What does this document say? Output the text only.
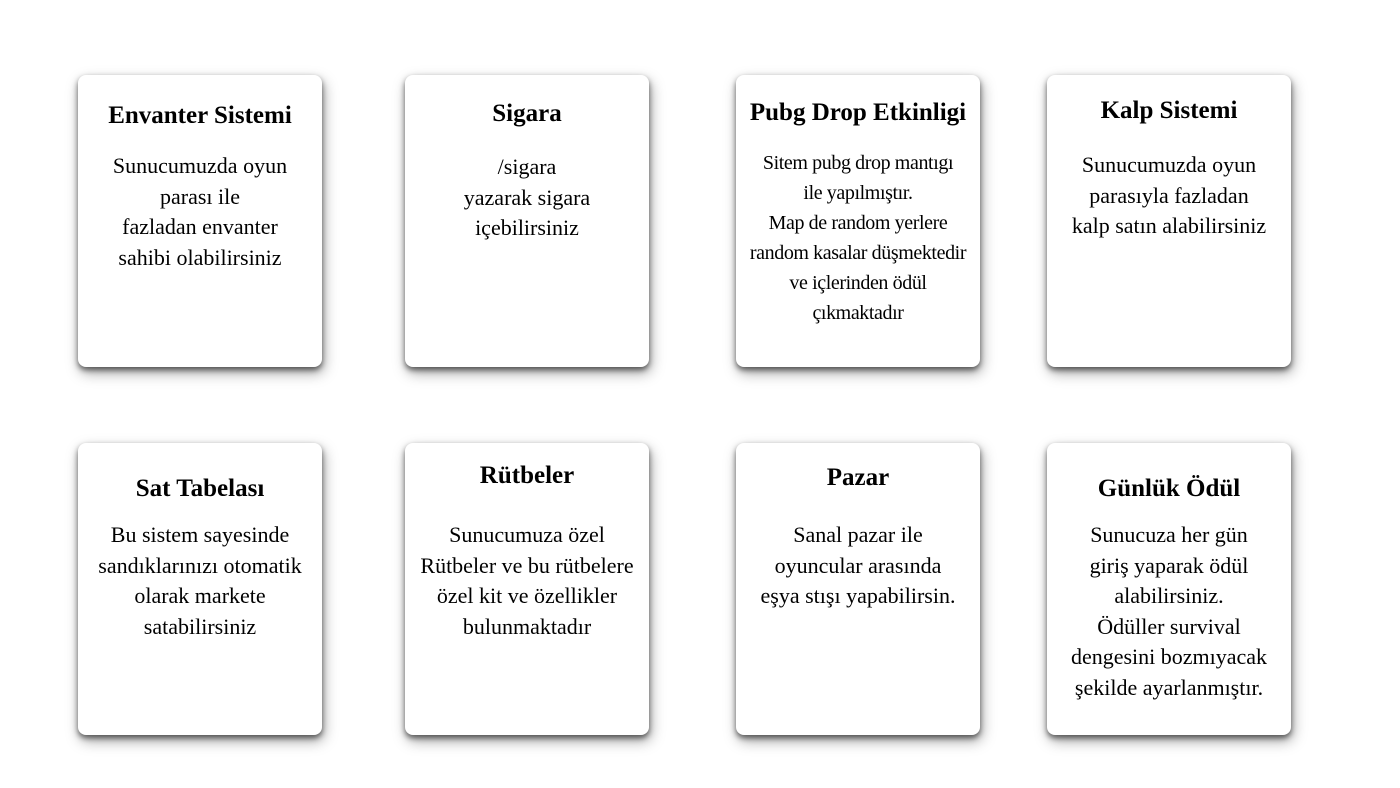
Envanter Sistemi

Sunucumuzda oyun
parası ile
fazladan envanter
sahibi olabilirsiniz

Sigara

/sigara
yazarak sigara
içebilirsiniz

Pubg Drop Etkinligi

Sitem pubg drop mantıgı
ile yapılmıştır.
Map de random yerlere
random kasalar düşmektedir
ve içlerinden ödül
çıkmaktadır

Kalp Sistemi

Sunucumuzda oyun
parasıyla fazladan
kalp satın alabilirsiniz

Sat Tabelası

Bu sistem sayesinde
sandıklarınızı otomatik
olarak markete
satabilirsiniz

Rütbeler

Sunucumuza özel
Rütbeler ve bu rütbelere
özel kit ve özellikler
bulunmaktadır

Pazar

Sanal pazar ile
oyuncular arasında
eşya stışı yapabilirsin.

Günlük Ödül

Sunucuza her gün
giriş yaparak ödül
alabilirsiniz.
Ödüller survival
dengesini bozmıyacak
şekilde ayarlanmıştır.
